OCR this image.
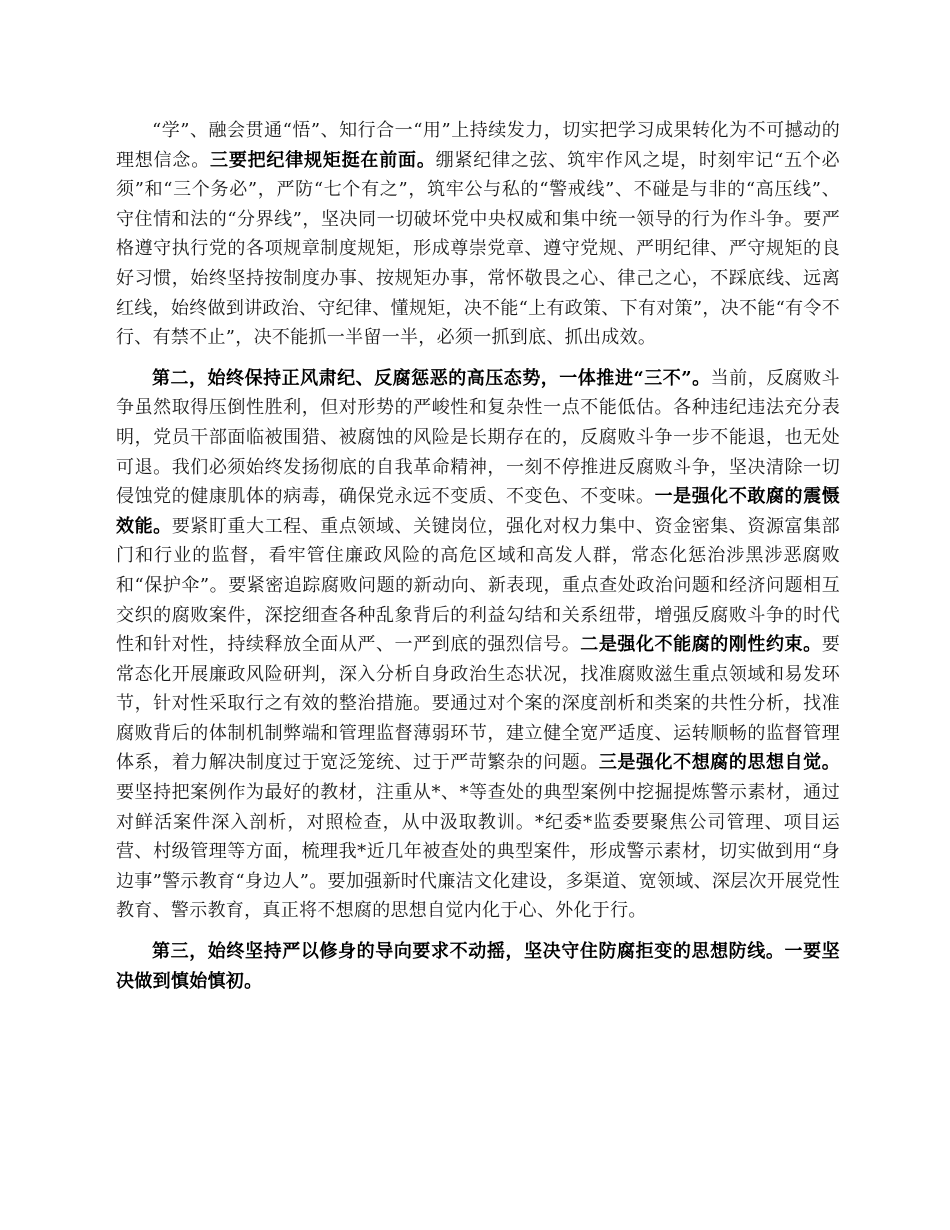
“学”、融会贯通“悟”、知行合一“用”上持续发力，切实把学习成果转化为不可撼动的理想信念。三要把纪律规矩挺在前面。绷紧纪律之弦、筑牢作风之堤，时刻牢记“五个必须”和“三个务必”，严防“七个有之”，筑牢公与私的“警戒线”、不碰是与非的“高压线”、守住情和法的“分界线”，坚决同一切破坏党中央权威和集中统一领导的行为作斗争。要严格遵守执行党的各项规章制度规矩，形成尊崇党章、遵守党规、严明纪律、严守规矩的良好习惯，始终坚持按制度办事、按规矩办事，常怀敬畏之心、律己之心，不踩底线、远离红线，始终做到讲政治、守纪律、懂规矩，决不能“上有政策、下有对策”，决不能“有令不行、有禁不止”，决不能抓一半留一半，必须一抓到底、抓出成效。

第二，始终保持正风肃纪、反腐惩恶的高压态势，一体推进“三不”。当前，反腐败斗争虽然取得压倒性胜利，但对形势的严峻性和复杂性一点不能低估。各种违纪违法充分表明，党员干部面临被围猎、被腐蚀的风险是长期存在的，反腐败斗争一步不能退，也无处可退。我们必须始终发扬彻底的自我革命精神，一刻不停推进反腐败斗争，坚决清除一切侵蚀党的健康肌体的病毒，确保党永远不变质、不变色、不变味。一是强化不敢腐的震慑效能。要紧盯重大工程、重点领域、关键岗位，强化对权力集中、资金密集、资源富集部门和行业的监督，看牢管住廉政风险的高危区域和高发人群，常态化惩治涉黑涉恶腐败和“保护伞”。要紧密追踪腐败问题的新动向、新表现，重点查处政治问题和经济问题相互交织的腐败案件，深挖细查各种乱象背后的利益勾结和关系纽带，增强反腐败斗争的时代性和针对性，持续释放全面从严、一严到底的强烈信号。二是强化不能腐的刚性约束。要常态化开展廉政风险研判，深入分析自身政治生态状况，找准腐败滋生重点领域和易发环节，针对性采取行之有效的整治措施。要通过对个案的深度剖析和类案的共性分析，找准腐败背后的体制机制弊端和管理监督薄弱环节，建立健全宽严适度、运转顺畅的监督管理体系，着力解决制度过于宽泛笼统、过于严苛繁杂的问题。三是强化不想腐的思想自觉。要坚持把案例作为最好的教材，注重从*、*等查处的典型案例中挖掘提炼警示素材，通过对鲜活案件深入剖析，对照检查，从中汲取教训。*纪委*监委要聚焦公司管理、项目运营、村级管理等方面，梳理我*近几年被查处的典型案件，形成警示素材，切实做到用“身边事”警示教育“身边人”。要加强新时代廉洁文化建设，多渠道、宽领域、深层次开展党性教育、警示教育，真正将不想腐的思想自觉内化于心、外化于行。

第三，始终坚持严以修身的导向要求不动摇，坚决守住防腐拒变的思想防线。一要坚决做到慎始慎初。
